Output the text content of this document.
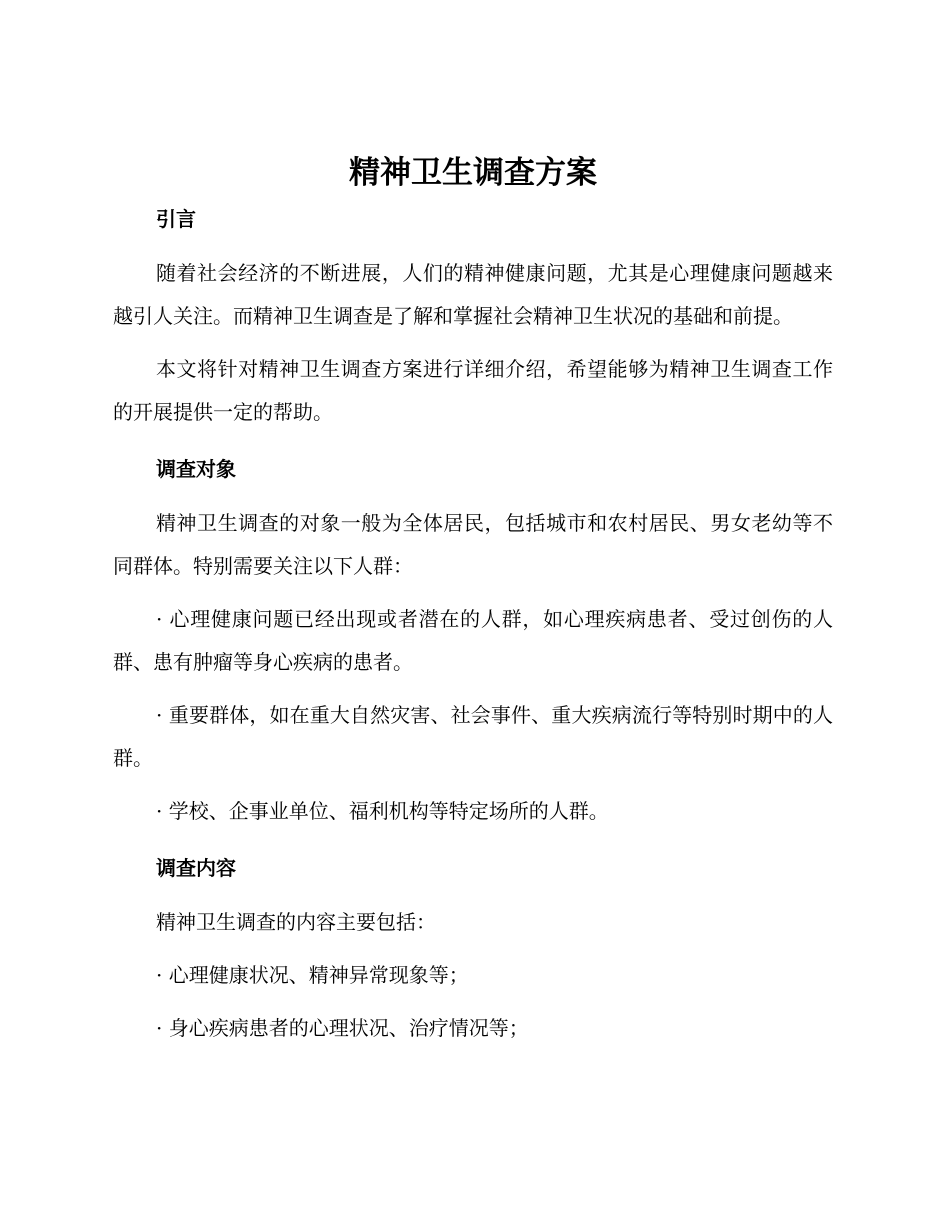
精神卫生调查方案
引言

随着社会经济的不断进展，人们的精神健康问题，尤其是心理健康问题越来越引人关注。而精神卫生调查是了解和掌握社会精神卫生状况的基础和前提。

本文将针对精神卫生调查方案进行详细介绍，希望能够为精神卫生调查工作的开展提供一定的帮助。

调查对象

精神卫生调查的对象一般为全体居民，包括城市和农村居民、男女老幼等不同群体。特别需要关注以下人群：

· 心理健康问题已经出现或者潜在的人群，如心理疾病患者、受过创伤的人群、患有肿瘤等身心疾病的患者。

· 重要群体，如在重大自然灾害、社会事件、重大疾病流行等特别时期中的人群。

· 学校、企事业单位、福利机构等特定场所的人群。

调查内容

精神卫生调查的内容主要包括：

· 心理健康状况、精神异常现象等；

· 身心疾病患者的心理状况、治疗情况等；
